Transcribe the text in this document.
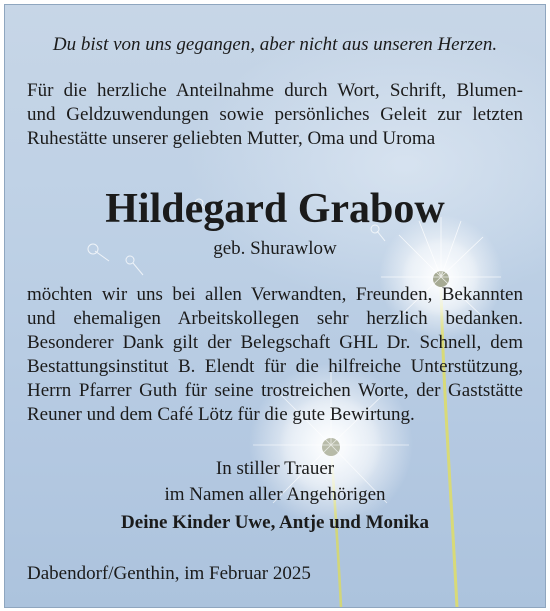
Du bist von uns gegangen, aber nicht aus unseren Herzen.
Für die herzliche Anteilnahme durch Wort, Schrift, Blumen-
und Geldzuwendungen sowie persönliches Geleit zur letzten
Ruhestätte unserer geliebten Mutter, Oma und Uroma
Hildegard Grabow
geb. Shurawlow
möchten wir uns bei allen Verwandten, Freunden, Bekannten
und ehemaligen Arbeitskollegen sehr herzlich bedanken.
Besonderer Dank gilt der Belegschaft GHL Dr. Schnell, dem
Bestattungsinstitut B. Elendt für die hilfreiche Unterstützung,
Herrn Pfarrer Guth für seine trostreichen Worte, der Gaststätte
Reuner und dem Café Lötz für die gute Bewirtung.
In stiller Trauer
im Namen aller Angehörigen
Deine Kinder Uwe, Antje und Monika
Dabendorf/Genthin, im Februar 2025
